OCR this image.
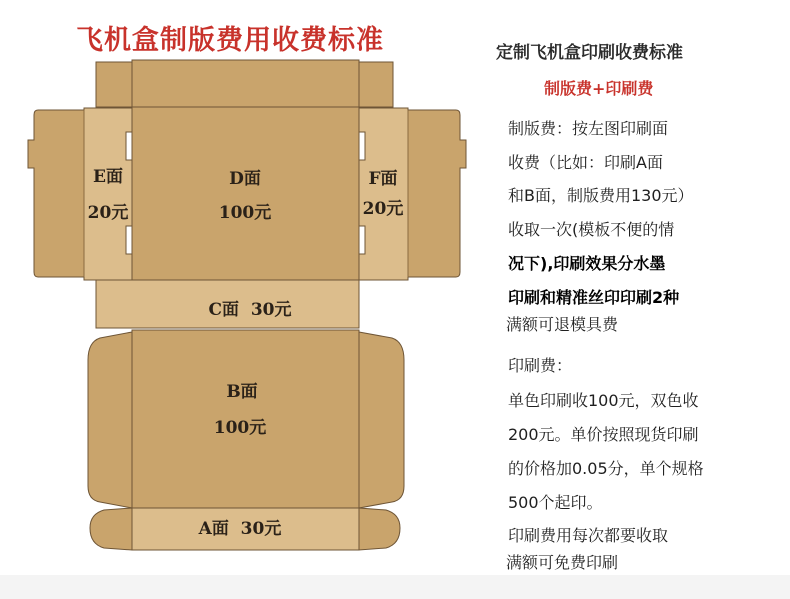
飞机盒制版费用收费标准
D面
100元
E面
20元
F面
20元
C面  30元
B面
100元
A面  30元
定制飞机盒印刷收费标准
制版费+印刷费
制版费：按左图印刷面
收费（比如：印刷A面
和B面，制版费用130元）
收取一次(模板不便的情
况下),印刷效果分水墨
印刷和精准丝印印刷2种
满额可退模具费
印刷费：
单色印刷收100元，双色收
200元。单价按照现货印刷
的价格加0.05分，单个规格
500个起印。
印刷费用每次都要收取
满额可免费印刷
